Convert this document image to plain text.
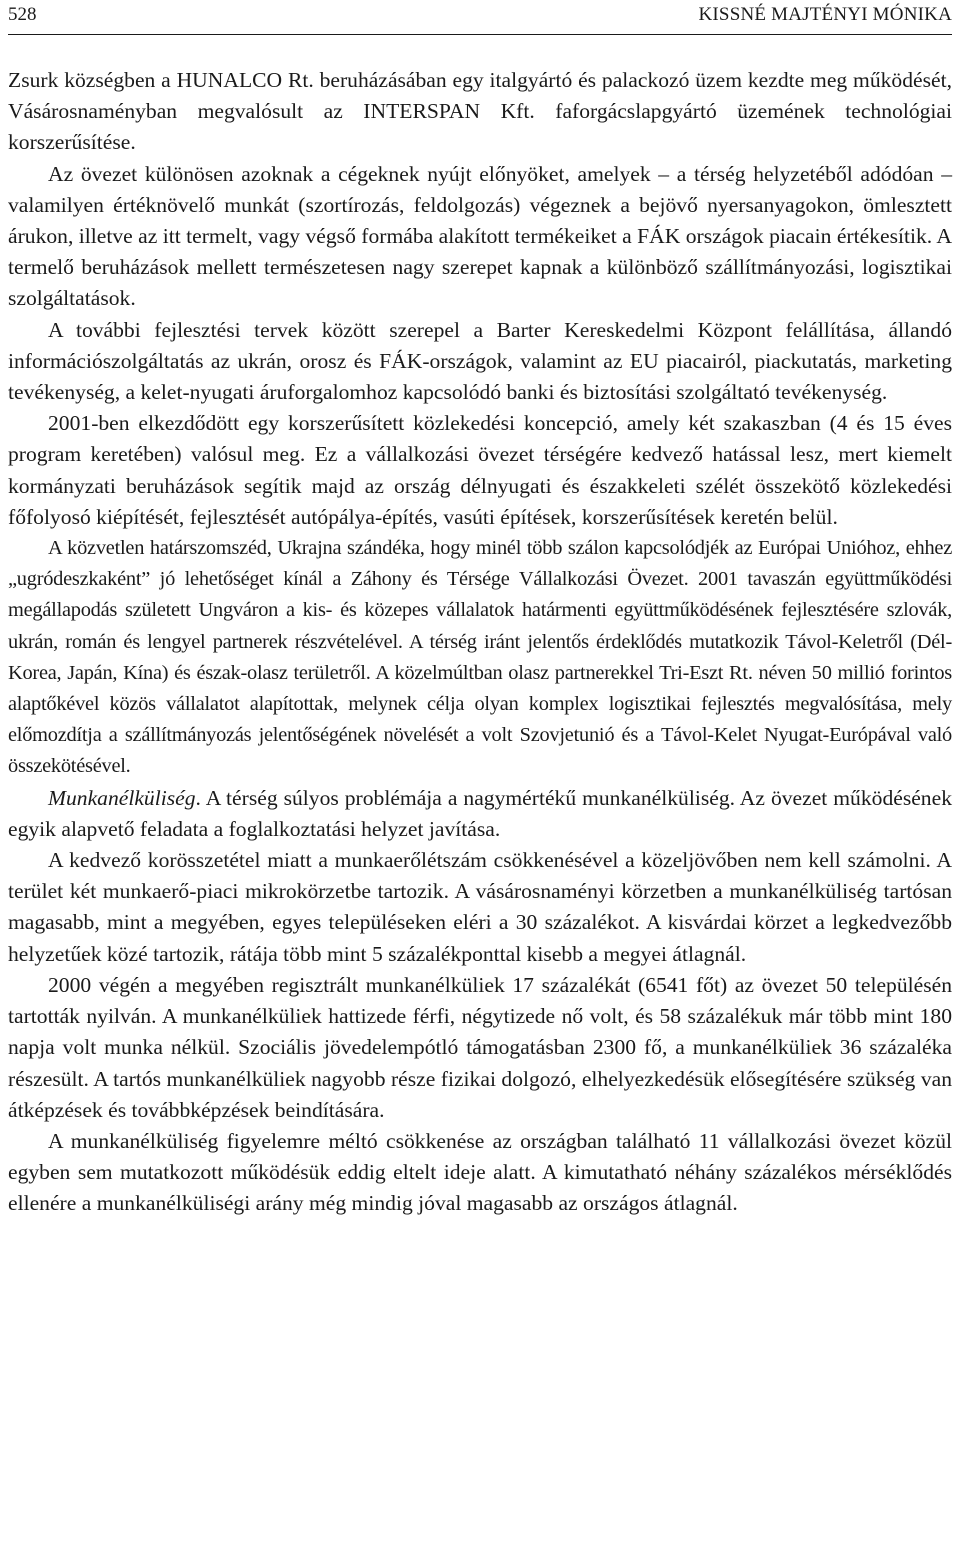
528	KISSNÉ MAJTÉNYI MÓNIKA

Zsurk községben a HUNALCO Rt. beruházásában egy italgyártó és palackozó üzem kezdte meg működését, Vásárosnaményban megvalósult az INTERSPAN Kft. faforgácslapgyártó üzemének technológiai korszerűsítése.

Az övezet különösen azoknak a cégeknek nyújt előnyöket, amelyek – a térség helyzetéből adódóan – valamilyen értéknövelő munkát (szortírozás, feldolgozás) végeznek a bejövő nyersanyagokon, ömlesztett árukon, illetve az itt termelt, vagy végső formába alakított termékeiket a FÁK országok piacain értékesítik. A termelő beruházások mellett természetesen nagy szerepet kapnak a különböző szállítmányozási, logisztikai szolgáltatások.

A további fejlesztési tervek között szerepel a Barter Kereskedelmi Központ felállítása, állandó információszolgáltatás az ukrán, orosz és FÁK-országok, valamint az EU piacairól, piackutatás, marketing tevékenység, a kelet-nyugati áruforgalomhoz kapcsolódó banki és biztosítási szolgáltató tevékenység.

2001-ben elkezdődött egy korszerűsített közlekedési koncepció, amely két szakaszban (4 és 15 éves program keretében) valósul meg. Ez a vállalkozási övezet térségére kedvező hatással lesz, mert kiemelt kormányzati beruházások segítik majd az ország délnyugati és északkeleti szélét összekötő közlekedési főfolyosó kiépítését, fejlesztését autópálya-építés, vasúti építések, korszerűsítések keretén belül.

A közvetlen határszomszéd, Ukrajna szándéka, hogy minél több szálon kapcsolódjék az Európai Unióhoz, ehhez „ugródeszkaként” jó lehetőséget kínál a Záhony és Térsége Vállalkozási Övezet. 2001 tavaszán együttműködési megállapodás született Ungváron a kis- és közepes vállalatok határmenti együttműködésének fejlesztésére szlovák, ukrán, román és lengyel partnerek részvételével. A térség iránt jelentős érdeklődés mutatkozik Távol-Keletről (Dél-Korea, Japán, Kína) és észak-olasz területről. A közelmúltban olasz partnerekkel Tri-Eszt Rt. néven 50 millió forintos alaptőkével közös vállalatot alapítottak, melynek célja olyan komplex logisztikai fejlesztés megvalósítása, mely előmozdítja a szállítmányozás jelentőségének növelését a volt Szovjetunió és a Távol-Kelet Nyugat-Európával való összekötésével.

Munkanélküliség. A térség súlyos problémája a nagymértékű munkanélküliség. Az övezet működésének egyik alapvető feladata a foglalkoztatási helyzet javítása.

A kedvező korösszetétel miatt a munkaerőlétszám csökkenésével a közeljövőben nem kell számolni. A terület két munkaerő-piaci mikrokörzetbe tartozik. A vásárosnaményi körzetben a munkanélküliség tartósan magasabb, mint a megyében, egyes településeken eléri a 30 százalékot. A kisvárdai körzet a legkedvezőbb helyzetűek közé tartozik, rátája több mint 5 százalékponttal kisebb a megyei átlagnál.

2000 végén a megyében regisztrált munkanélküliek 17 százalékát (6541 főt) az övezet 50 településén tartották nyilván. A munkanélküliek hattizede férfi, négytizede nő volt, és 58 százalékuk már több mint 180 napja volt munka nélkül. Szociális jövedelempótló támogatásban 2300 fő, a munkanélküliek 36 százaléka részesült. A tartós munkanélküliek nagyobb része fizikai dolgozó, elhelyezkedésük elősegítésére szükség van átképzések és továbbképzések beindítására.

A munkanélküliség figyelemre méltó csökkenése az országban található 11 vállalkozási övezet közül egyben sem mutatkozott működésük eddig eltelt ideje alatt. A kimutatható néhány százalékos mérséklődés ellenére a munkanélküliségi arány még mindig jóval magasabb az országos átlagnál.
